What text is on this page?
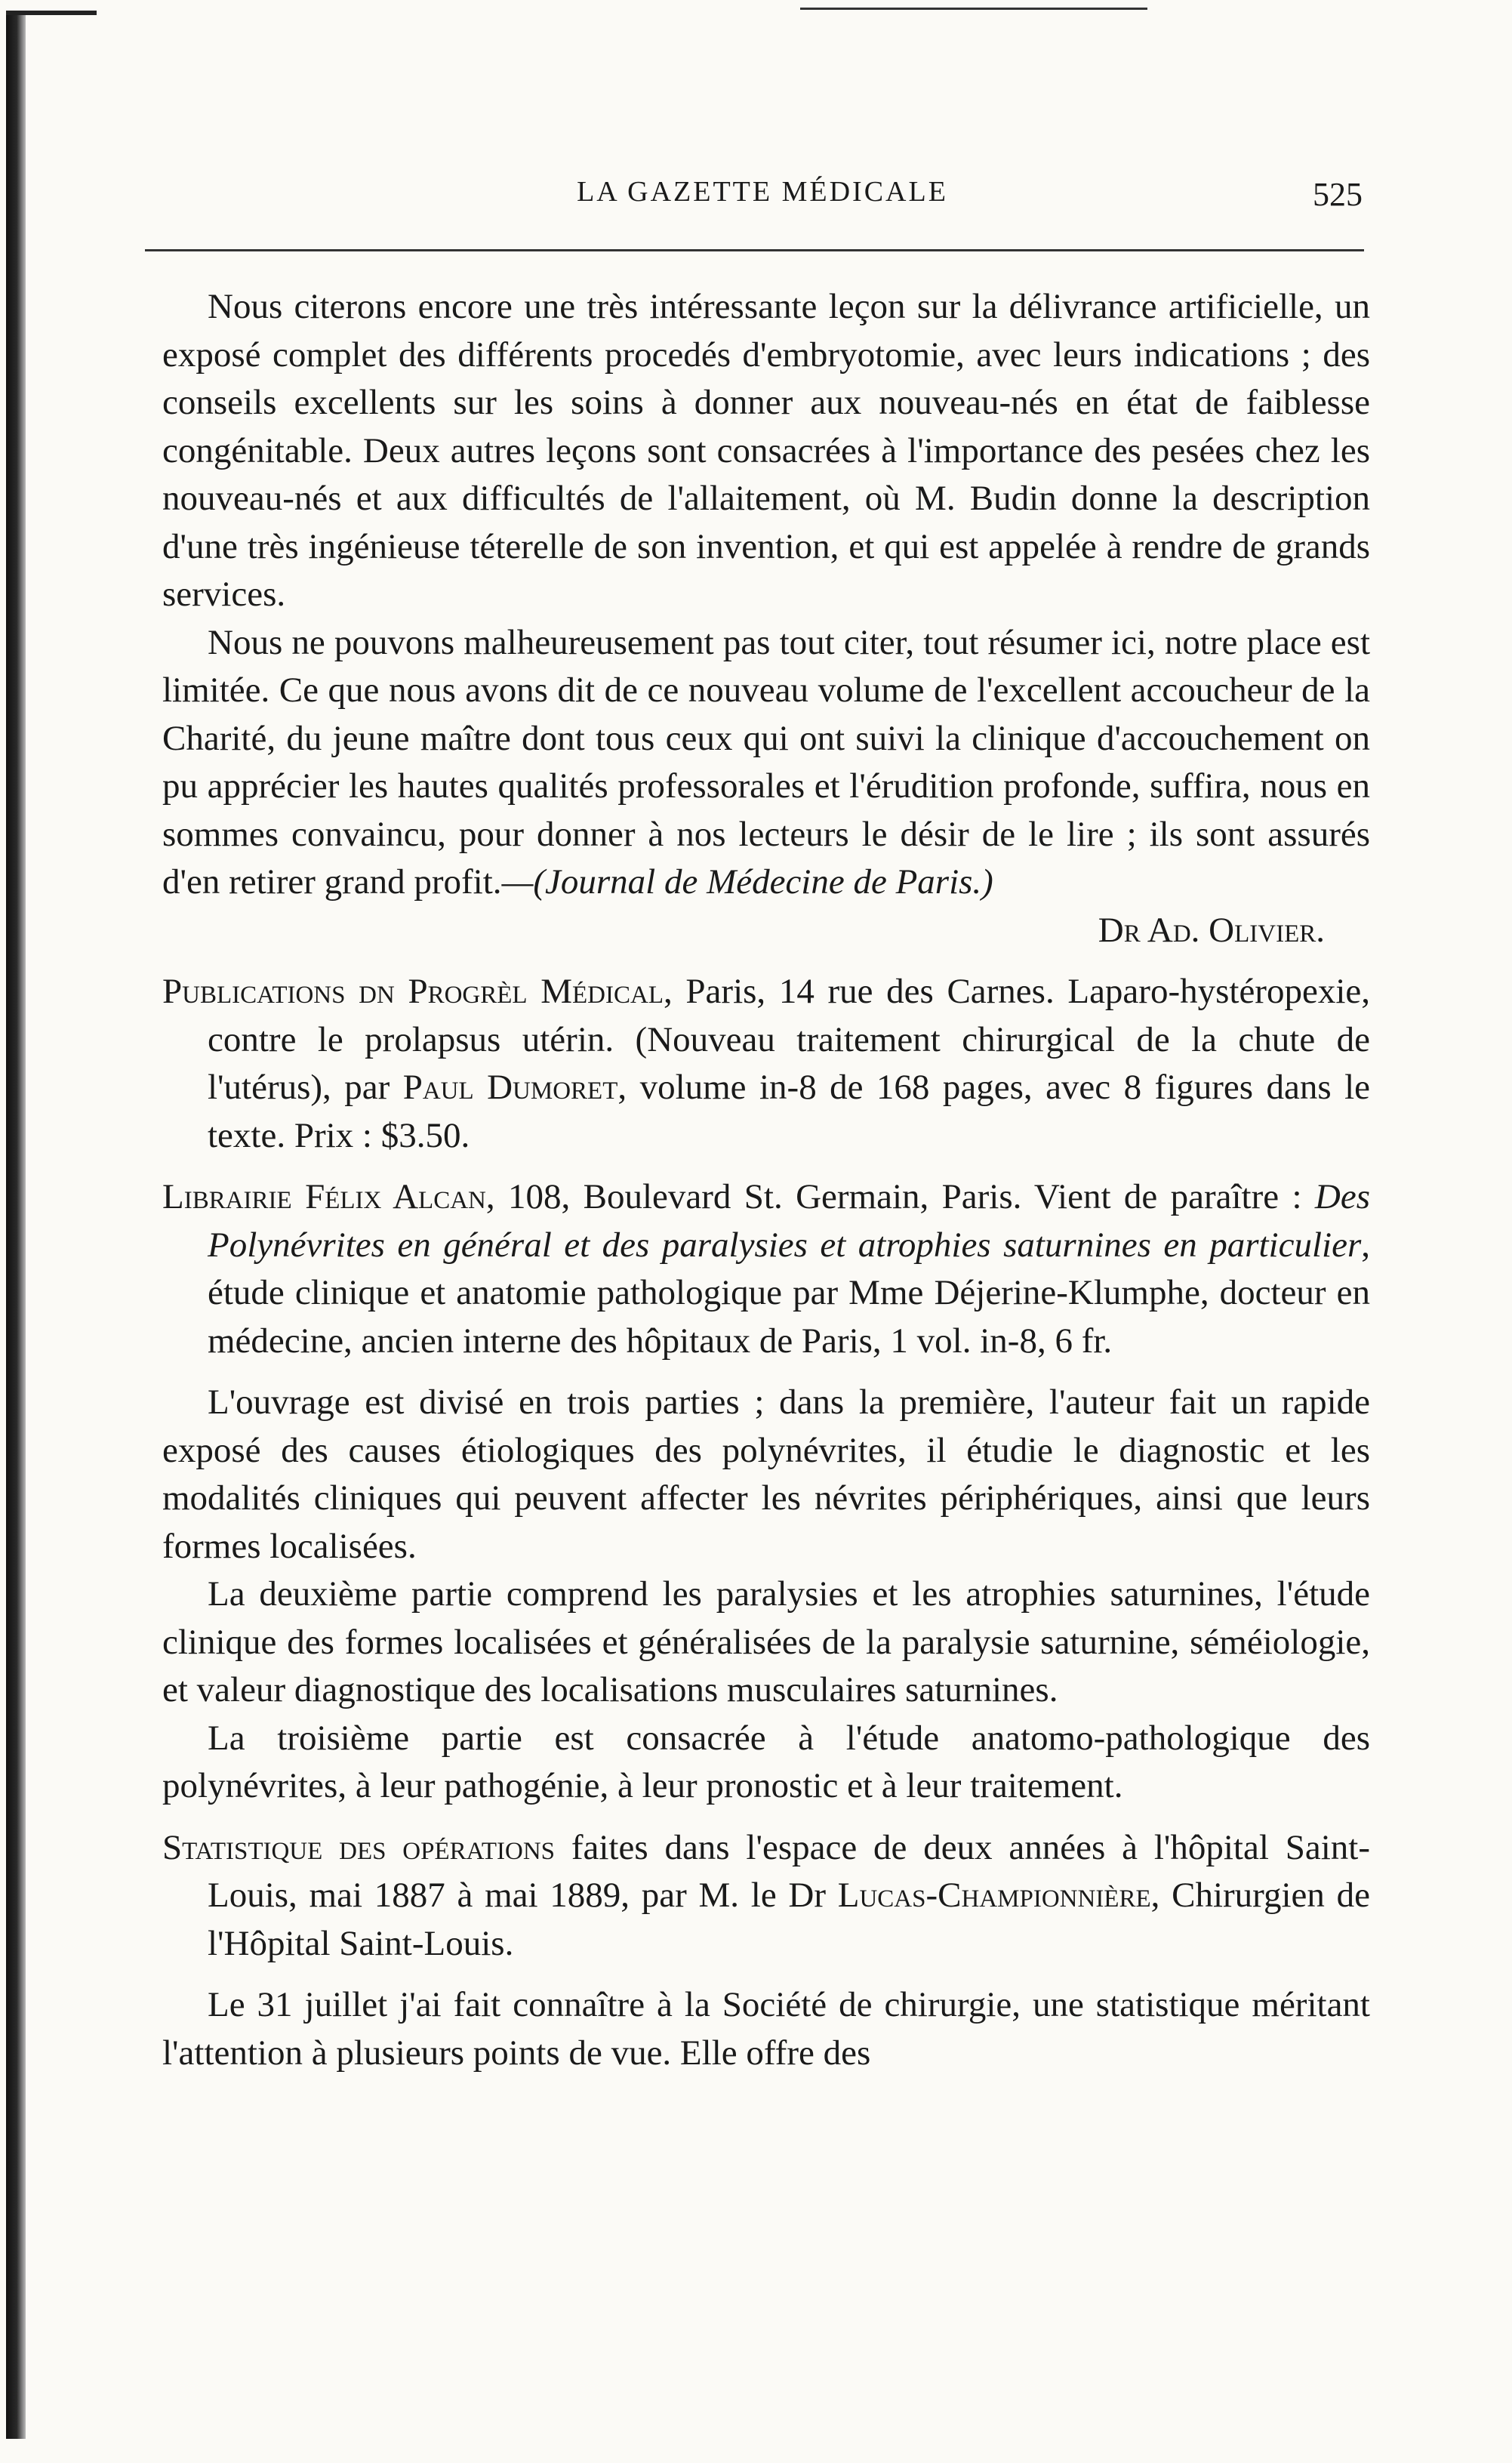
LA GAZETTE MÉDICALE	525

Nous citerons encore une très intéressante leçon sur la délivrance artificielle, un exposé complet des différents procedés d'embryotomie, avec leurs indications ; des conseils excellents sur les soins à donner aux nouveau-nés en état de faiblesse congénitable. Deux autres leçons sont consacrées à l'importance des pesées chez les nouveau-nés et aux difficultés de l'allaitement, où M. Budin donne la description d'une très ingénieuse téterelle de son invention, et qui est appelée à rendre de grands services.

Nous ne pouvons malheureusement pas tout citer, tout résumer ici, notre place est limitée. Ce que nous avons dit de ce nouveau volume de l'excellent accoucheur de la Charité, du jeune maître dont tous ceux qui ont suivi la clinique d'accouchement on pu apprécier les hautes qualités professorales et l'érudition profonde, suffira, nous en sommes convaincu, pour donner à nos lecteurs le désir de le lire ; ils sont assurés d'en retirer grand profit.—(Journal de Médecine de Paris.)

Dr Ad. Olivier.

Publications dn Progrèl Médical, Paris, 14 rue des Carnes. Laparo-hystéropexie, contre le prolapsus utérin. (Nouveau traitement chirurgical de la chute de l'utérus), par Paul Dumoret, volume in-8 de 168 pages, avec 8 figures dans le texte. Prix : $3.50.

Librairie Félix Alcan, 108, Boulevard St. Germain, Paris. Vient de paraître : Des Polynévrites en général et des paralysies et atrophies saturnines en particulier, étude clinique et anatomie pathologique par Mme Déjerine-Klumphe, docteur en médecine, ancien interne des hôpitaux de Paris, 1 vol. in-8, 6 fr.

L'ouvrage est divisé en trois parties ; dans la première, l'auteur fait un rapide exposé des causes étiologiques des polynévrites, il étudie le diagnostic et les modalités cliniques qui peuvent affecter les névrites périphériques, ainsi que leurs formes localisées.

La deuxième partie comprend les paralysies et les atrophies saturnines, l'étude clinique des formes localisées et généralisées de la paralysie saturnine, séméiologie, et valeur diagnostique des localisations musculaires saturnines.

La troisième partie est consacrée à l'étude anatomo-pathologique des polynévrites, à leur pathogénie, à leur pronostic et à leur traitement.

Statistique des opérations faites dans l'espace de deux années à l'hôpital Saint-Louis, mai 1887 à mai 1889, par M. le Dr Lucas-Championnière, Chirurgien de l'Hôpital Saint-Louis.

Le 31 juillet j'ai fait connaître à la Société de chirurgie, une statistique méritant l'attention à plusieurs points de vue. Elle offre des
